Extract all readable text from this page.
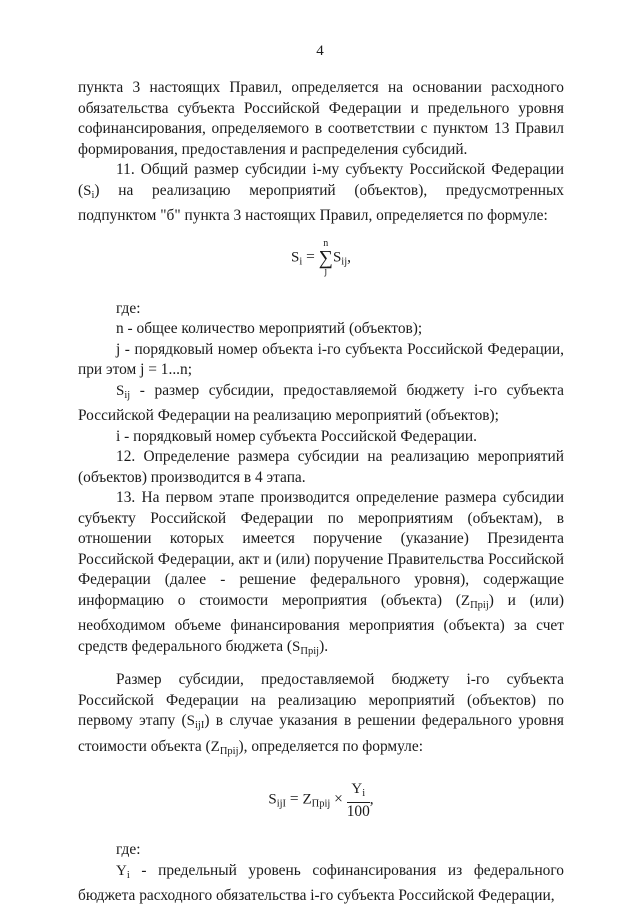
4

пункта 3 настоящих Правил, определяется на основании расходного обязательства субъекта Российской Федерации и предельного уровня софинансирования, определяемого в соответствии с пунктом 13 Правил формирования, предоставления и распределения субсидий.

11. Общий размер субсидии i-му субъекту Российской Федерации $(S_i)$ на реализацию мероприятий (объектов), предусмотренных подпунктом "б" пункта 3 настоящих Правил, определяется по формуле:

$S_i$ =
n
∑
j
$S_{ij}$,

где:

n - общее количество мероприятий (объектов);

j - порядковый номер объекта i-го субъекта Российской Федерации, при этом j = 1...n;

$S_{ij}$ - размер субсидии, предоставляемой бюджету i-го субъекта Российской Федерации на реализацию мероприятий (объектов);

i - порядковый номер субъекта Российской Федерации.

12. Определение размера субсидии на реализацию мероприятий (объектов) производится в 4 этапа.

13. На первом этапе производится определение размера субсидии субъекту Российской Федерации по мероприятиям (объектам), в отношении которых имеется поручение (указание) Президента Российской Федерации, акт и (или) поручение Правительства Российской Федерации (далее - решение федерального уровня), содержащие информацию о стоимости мероприятия (объекта) $(Z_{Прij})$ и (или) необходимом объеме финансирования мероприятия (объекта) за счет средств федерального бюджета $(S_{Прij})$.

Размер субсидии, предоставляемой бюджету i-го субъекта Российской Федерации на реализацию мероприятий (объектов) по первому этапу $(S_{ijI})$ в случае указания в решении федерального уровня стоимости объекта $(Z_{Прij})$, определяется по формуле:

$S_{ijI} = Z_{Прij} \times \frac{Y_i}{100}$ ,

где:

$Y_i$ - предельный уровень софинансирования из федерального бюджета расходного обязательства i-го субъекта Российской Федерации,
